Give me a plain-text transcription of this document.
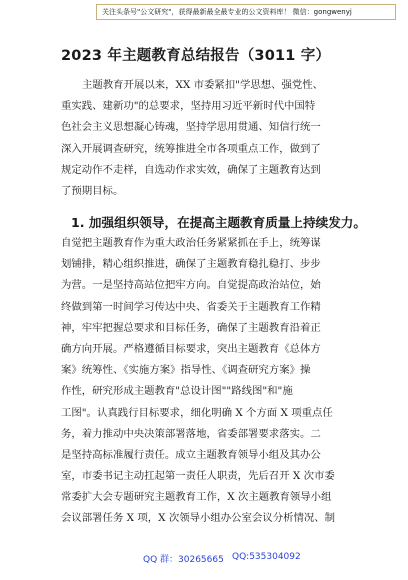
关注头条号"公文研究"，获得最新最全最专业的公文资料库！ 微信：gongwenyj
2023 年主题教育总结报告（3011 字）
主题教育开展以来，XX 市委紧扣"学思想、强党性、
重实践、建新功"的总要求，坚持用习近平新时代中国特
色社会主义思想凝心铸魂，坚持学思用贯通、知信行统一
深入开展调查研究，统筹推进全市各项重点工作，做到了
规定动作不走样，自选动作求实效，确保了主题教育达到
了预期目标。
1. 加强组织领导，在提高主题教育质量上持续发力。
自觉把主题教育作为重大政治任务紧紧抓在手上，统筹谋
划铺排，精心组织推进，确保了主题教育稳扎稳打、步步
为营。一是坚持高站位把牢方向。自觉提高政治站位，始
终做到第一时间学习传达中央、省委关于主题教育工作精
神，牢牢把握总要求和目标任务，确保了主题教育沿着正
确方向开展。严格遵循目标要求，突出主题教育《总体方
案》统筹性、《实施方案》指导性、《调查研究方案》操
作性，研究形成主题教育"总设计图""路线图"和"施
工图"。认真践行目标要求，细化明确 X 个方面 X 项重点任
务，着力推动中央决策部署落地，省委部署要求落实。二
是坚持高标准履行责任。成立主题教育领导小组及其办公
室，市委书记主动扛起第一责任人职责，先后召开 X 次市委
常委扩大会专题研究主题教育工作，X 次主题教育领导小组
会议部署任务 X 项，X 次领导小组办公室会议分析情况、制
QQ 群：30265665 QQ:535304092
